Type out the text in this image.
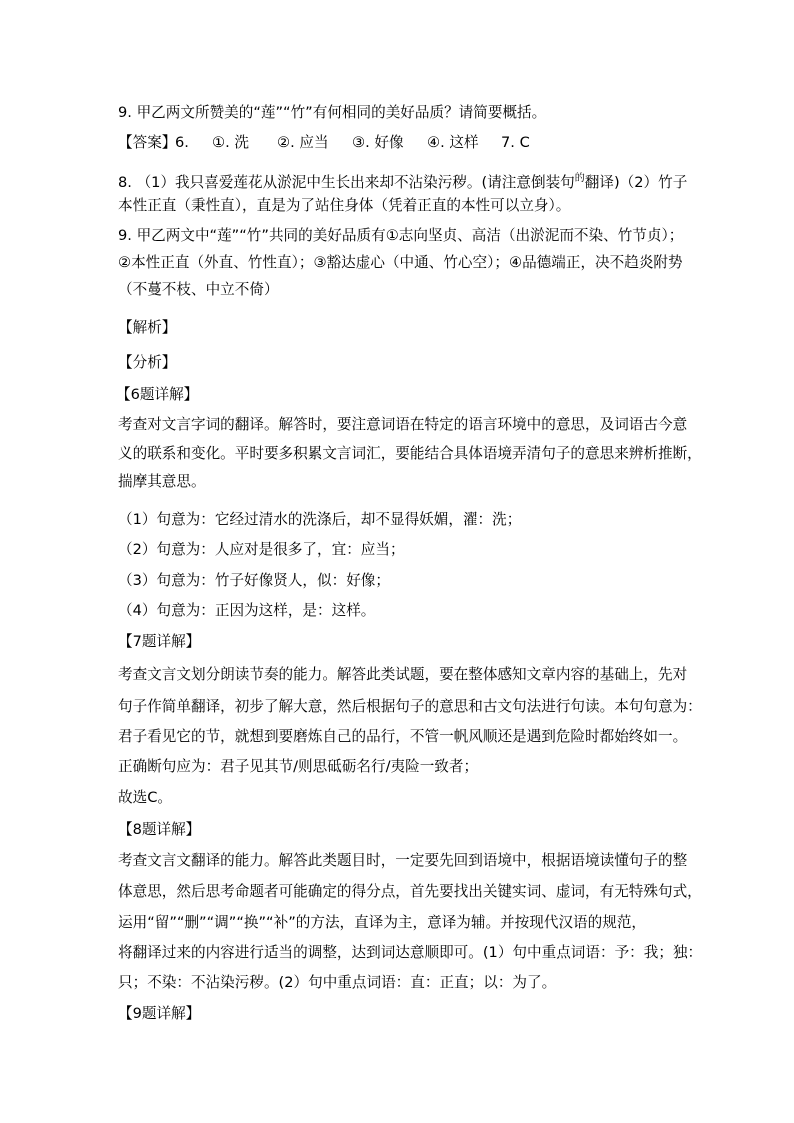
9. 甲乙两文所赞美的“莲”“竹”有何相同的美好品质？请简要概括。
【答案】
6. ①. 洗 ②. 应当 ③. 好像 ④. 这样 7. C
8. （1）我只喜爱莲花从淤泥中生长出来却不沾染污秽。(请注意倒装句$^的$翻译)（2）竹子
本性正直（秉性直），直是为了站住身体（凭着正直的本性可以立身）。
9. 甲乙两文中“莲”“竹”共同的美好品质有①志向坚贞、高洁（出淤泥而不染、竹节贞）；
②本性正直（外直、竹性直）；③豁达虚心（中通、竹心空）；④品德端正，决不趋炎附势
（不蔓不枝、中立不倚）
【解析】
【分析】
【6题详解】
考查对文言字词的翻译。解答时，要注意词语在特定的语言环境中的意思，及词语古今意
义的联系和变化。平时要多积累文言词汇，要能结合具体语境弄清句子的意思来辨析推断，
揣摩其意思。
（1）句意为：它经过清水的洗涤后，却不显得妖媚，濯：洗；
（2）句意为：人应对是很多了，宜：应当；
（3）句意为：竹子好像贤人，似：好像；
（4）句意为：正因为这样，是：这样。
【7题详解】
考查文言文划分朗读节奏的能力。解答此类试题，要在整体感知文章内容的基础上，先对
句子作简单翻译，初步了解大意，然后根据句子的意思和古文句法进行句读。本句句意为：
君子看见它的节，就想到要磨炼自己的品行，不管一帆风顺还是遇到危险时都始终如一。
正确断句应为：君子见其节/则思砥砺名行/夷险一致者；
故选C。
【8题详解】
考查文言文翻译的能力。解答此类题目时，一定要先回到语境中，根据语境读懂句子的整
体意思，然后思考命题者可能确定的得分点，首先要找出关键实词、虚词，有无特殊句式，
运用“留”“删”“调”“换”“补”的方法，直译为主，意译为辅。并按现代汉语的规范，
将翻译过来的内容进行适当的调整，达到词达意顺即可。(1）句中重点词语：予：我；独：
只；不染：不沾染污秽。(2）句中重点词语：直：正直；以：为了。
【9题详解】
